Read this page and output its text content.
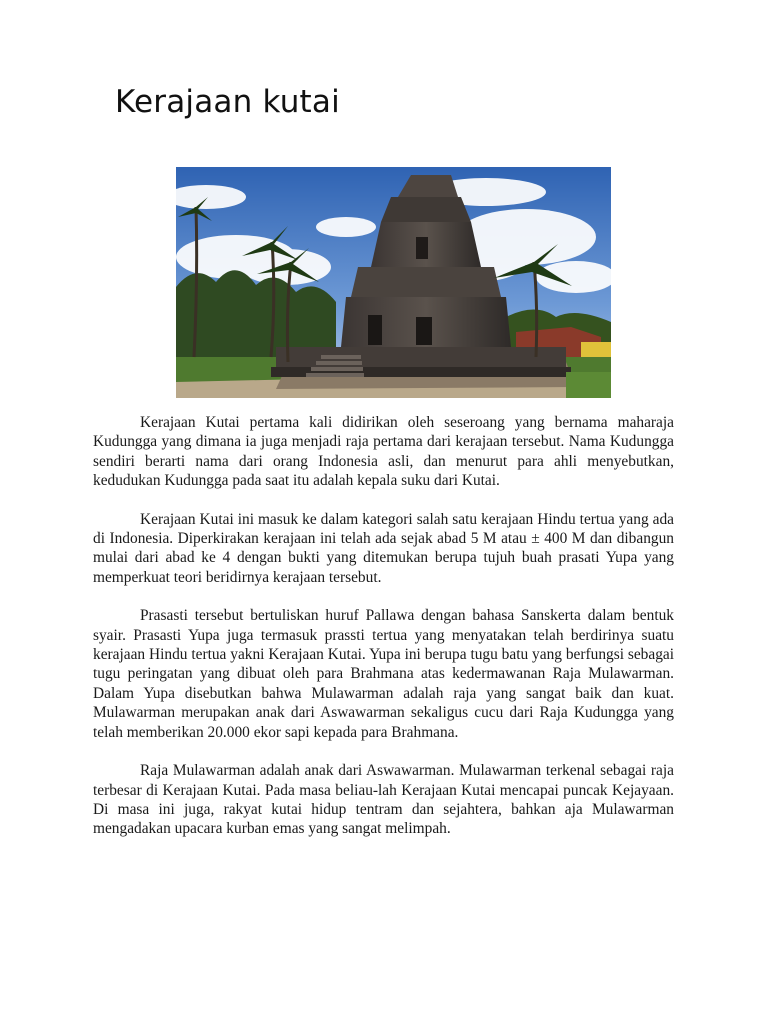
Kerajaan kutai

Kerajaan Kutai pertama kali didirikan oleh seseroang yang bernama maharaja Kudungga yang dimana ia juga menjadi raja pertama dari kerajaan tersebut. Nama Kudungga sendiri berarti nama dari orang Indonesia asli, dan menurut para ahli menyebutkan, kedudukan Kudungga pada saat itu adalah kepala suku dari Kutai.

Kerajaan Kutai ini masuk ke dalam kategori salah satu kerajaan Hindu tertua yang ada di Indonesia. Diperkirakan kerajaan ini telah ada sejak abad 5 M atau ± 400 M dan dibangun mulai dari abad ke 4 dengan bukti yang ditemukan berupa tujuh buah prasati Yupa yang memperkuat teori beridirnya kerajaan tersebut.

Prasasti tersebut bertuliskan huruf Pallawa dengan bahasa Sanskerta dalam bentuk syair. Prasasti Yupa juga termasuk prassti tertua yang menyatakan telah berdirinya suatu kerajaan Hindu tertua yakni Kerajaan Kutai. Yupa ini berupa tugu batu yang berfungsi sebagai tugu peringatan yang dibuat oleh para Brahmana atas kedermawanan Raja Mulawarman. Dalam Yupa disebutkan bahwa Mulawarman adalah raja yang sangat baik dan kuat. Mulawarman merupakan anak dari Aswawarman sekaligus cucu dari Raja Kudungga yang telah memberikan 20.000 ekor sapi kepada para Brahmana.

Raja Mulawarman adalah anak dari Aswawarman. Mulawarman terkenal sebagai raja terbesar di Kerajaan Kutai. Pada masa beliau-lah Kerajaan Kutai mencapai puncak Kejayaan. Di masa ini juga, rakyat kutai hidup tentram dan sejahtera, bahkan aja Mulawarman mengadakan upacara kurban emas yang sangat melimpah.
